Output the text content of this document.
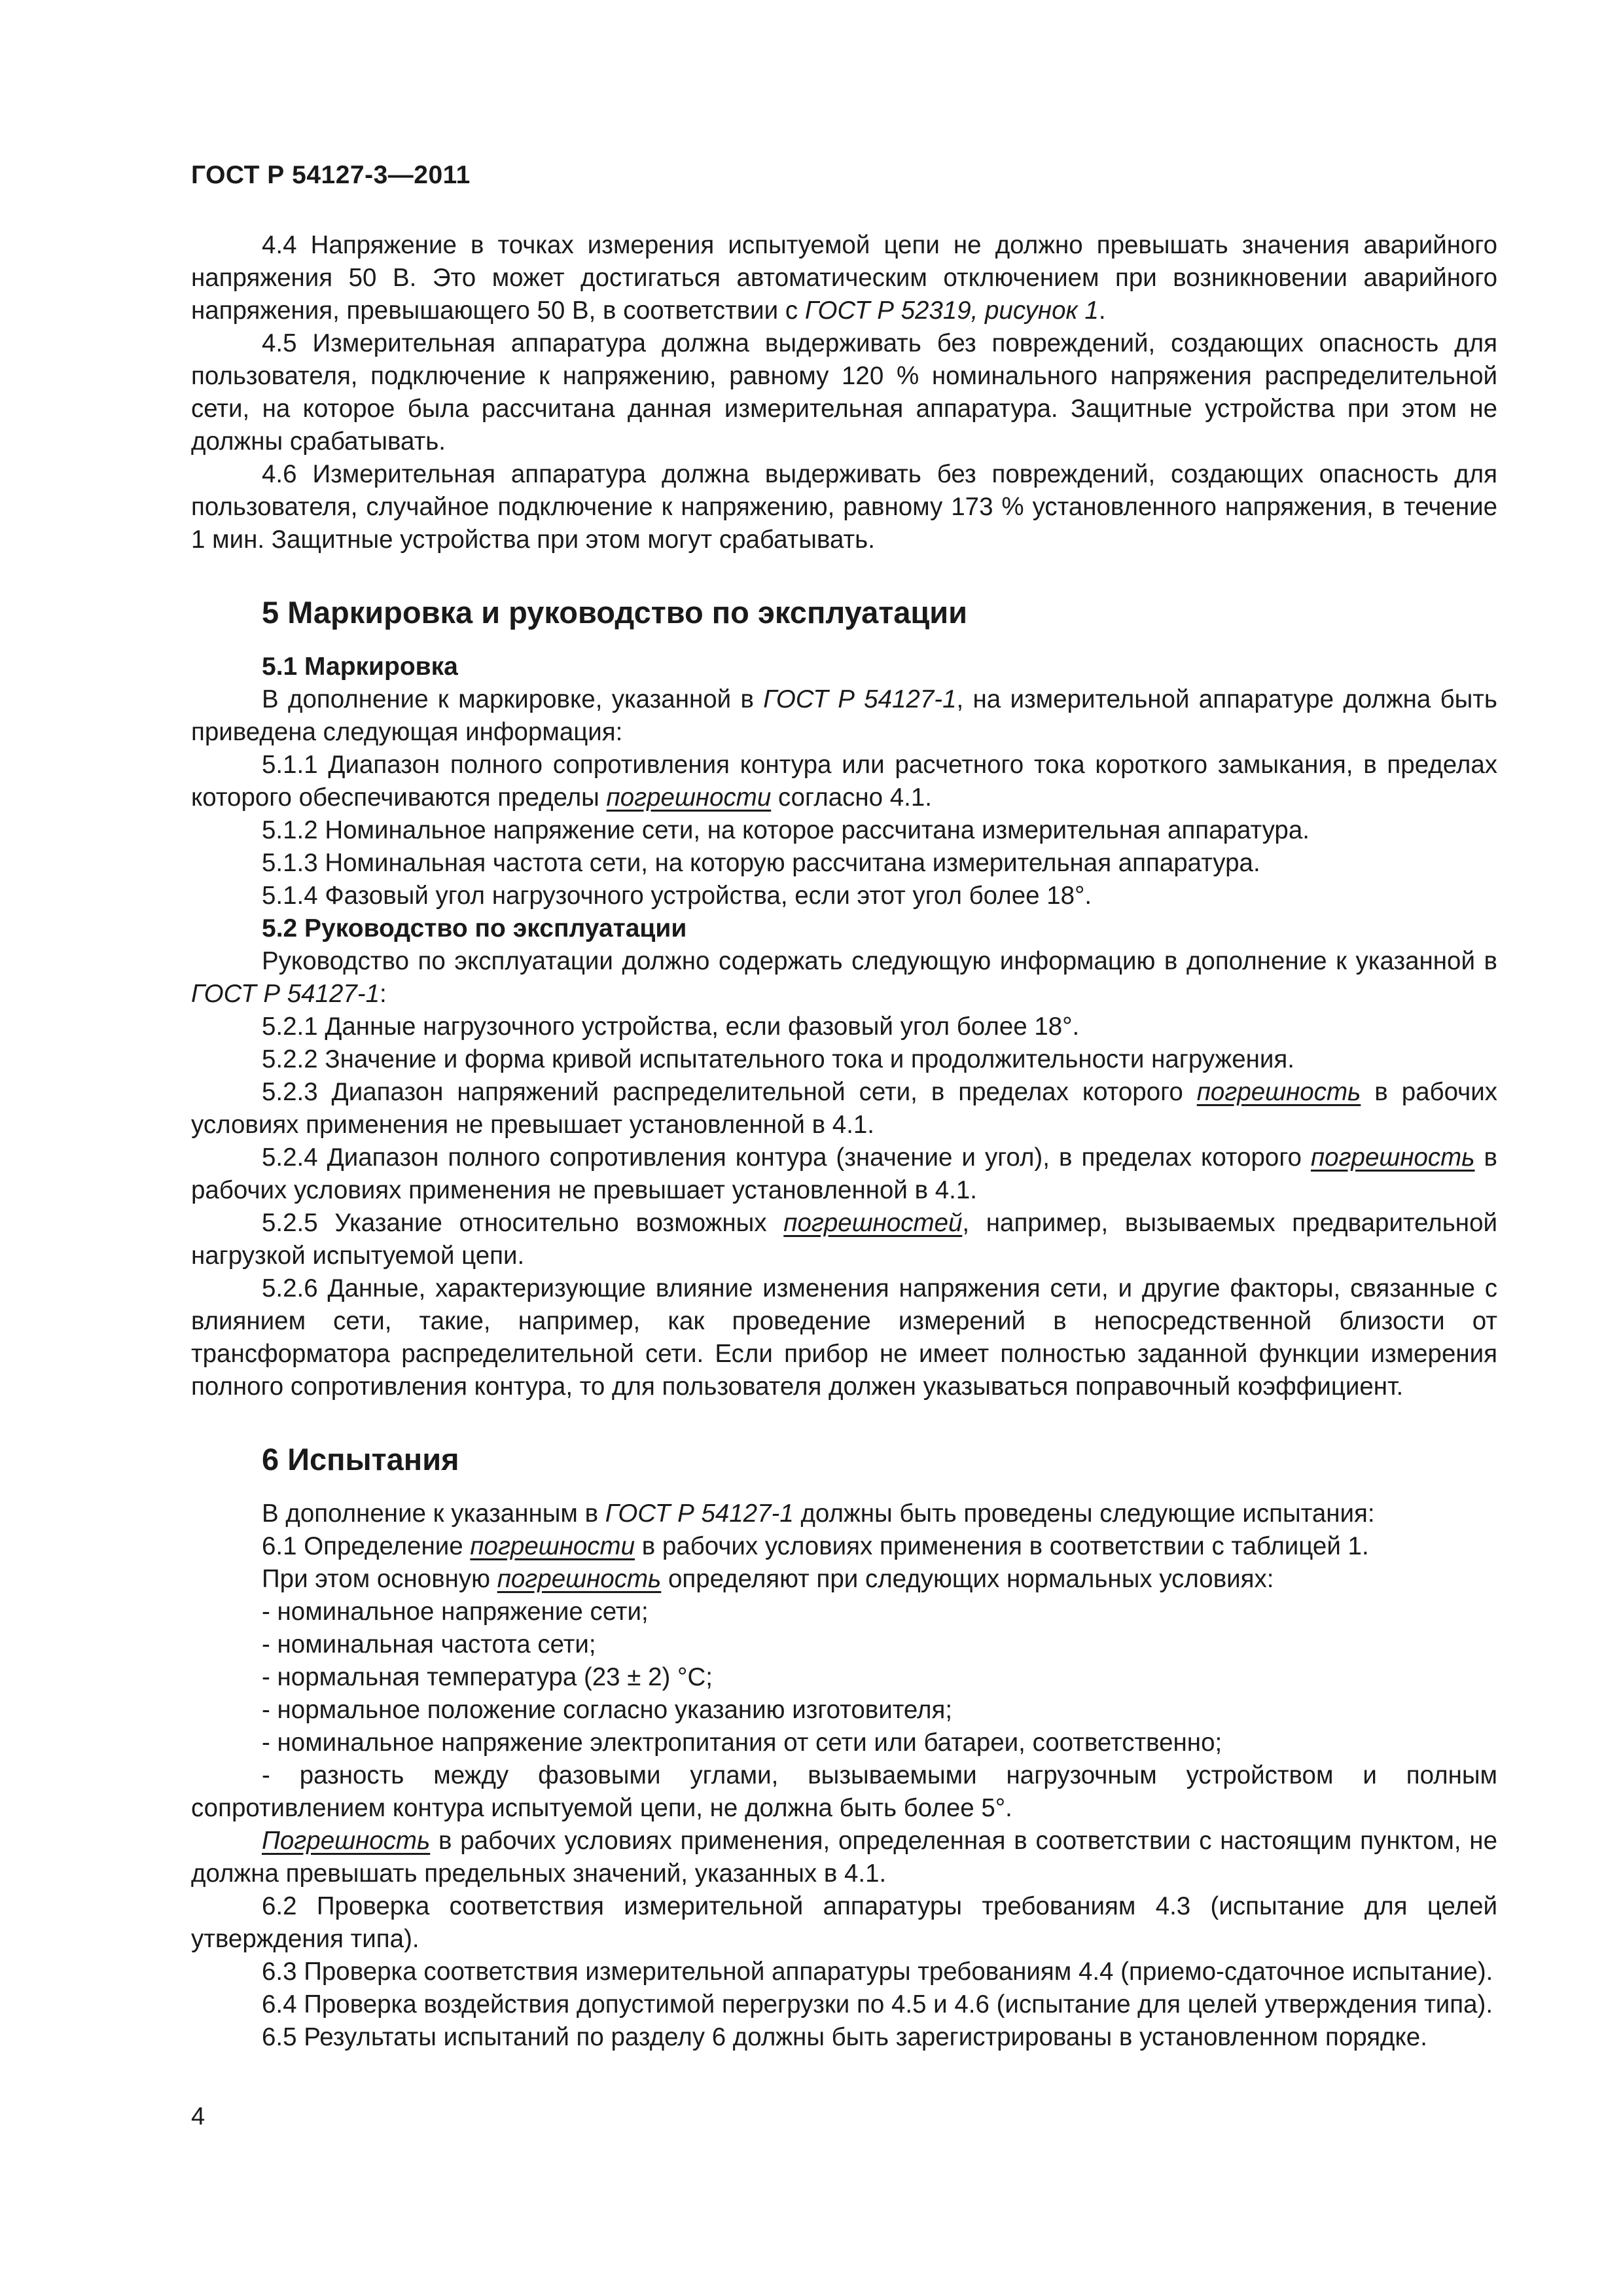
ГОСТ Р 54127-3—2011

4.4 Напряжение в точках измерения испытуемой цепи не должно превышать значения аварийного напряжения 50 В. Это может достигаться автоматическим отключением при возникновении аварийного напряжения, превышающего 50 В, в соответствии с ГОСТ Р 52319, рисунок 1.

4.5 Измерительная аппаратура должна выдерживать без повреждений, создающих опасность для пользователя, подключение к напряжению, равному 120 % номинального напряжения распределительной сети, на которое была рассчитана данная измерительная аппаратура. Защитные устройства при этом не должны срабатывать.

4.6 Измерительная аппаратура должна выдерживать без повреждений, создающих опасность для пользователя, случайное подключение к напряжению, равному 173 % установленного напряжения, в течение 1 мин. Защитные устройства при этом могут срабатывать.

5 Маркировка и руководство по эксплуатации
5.1 Маркировка

В дополнение к маркировке, указанной в ГОСТ Р 54127-1, на измерительной аппаратуре должна быть приведена следующая информация:

5.1.1 Диапазон полного сопротивления контура или расчетного тока короткого замыкания, в пределах которого обеспечиваются пределы погрешности согласно 4.1.

5.1.2 Номинальное напряжение сети, на которое рассчитана измерительная аппаратура.

5.1.3 Номинальная частота сети, на которую рассчитана измерительная аппаратура.

5.1.4 Фазовый угол нагрузочного устройства, если этот угол более 18°.

5.2 Руководство по эксплуатации

Руководство по эксплуатации должно содержать следующую информацию в дополнение к указанной в ГОСТ Р 54127-1:

5.2.1 Данные нагрузочного устройства, если фазовый угол более 18°.

5.2.2 Значение и форма кривой испытательного тока и продолжительности нагружения.

5.2.3 Диапазон напряжений распределительной сети, в пределах которого погрешность в рабочих условиях применения не превышает установленной в 4.1.

5.2.4 Диапазон полного сопротивления контура (значение и угол), в пределах которого погрешность в рабочих условиях применения не превышает установленной в 4.1.

5.2.5 Указание относительно возможных погрешностей, например, вызываемых предварительной нагрузкой испытуемой цепи.

5.2.6 Данные, характеризующие влияние изменения напряжения сети, и другие факторы, связанные с влиянием сети, такие, например, как проведение измерений в непосредственной близости от трансформатора распределительной сети. Если прибор не имеет полностью заданной функции измерения полного сопротивления контура, то для пользователя должен указываться поправочный коэффициент.

6 Испытания

В дополнение к указанным в ГОСТ Р 54127-1 должны быть проведены следующие испытания:

6.1 Определение погрешности в рабочих условиях применения в соответствии с таблицей 1.

При этом основную погрешность определяют при следующих нормальных условиях:

- номинальное напряжение сети;

- номинальная частота сети;

- нормальная температура (23 ± 2) °С;

- нормальное положение согласно указанию изготовителя;

- номинальное напряжение электропитания от сети или батареи, соответственно;

- разность между фазовыми углами, вызываемыми нагрузочным устройством и полным сопротивлением контура испытуемой цепи, не должна быть более 5°.

Погрешность в рабочих условиях применения, определенная в соответствии с настоящим пунктом, не должна превышать предельных значений, указанных в 4.1.

6.2 Проверка соответствия измерительной аппаратуры требованиям 4.3 (испытание для целей утверждения типа).

6.3 Проверка соответствия измерительной аппаратуры требованиям 4.4 (приемо-сдаточное испытание).

6.4 Проверка воздействия допустимой перегрузки по 4.5 и 4.6 (испытание для целей утверждения типа).

6.5 Результаты испытаний по разделу 6 должны быть зарегистрированы в установленном порядке.

4
